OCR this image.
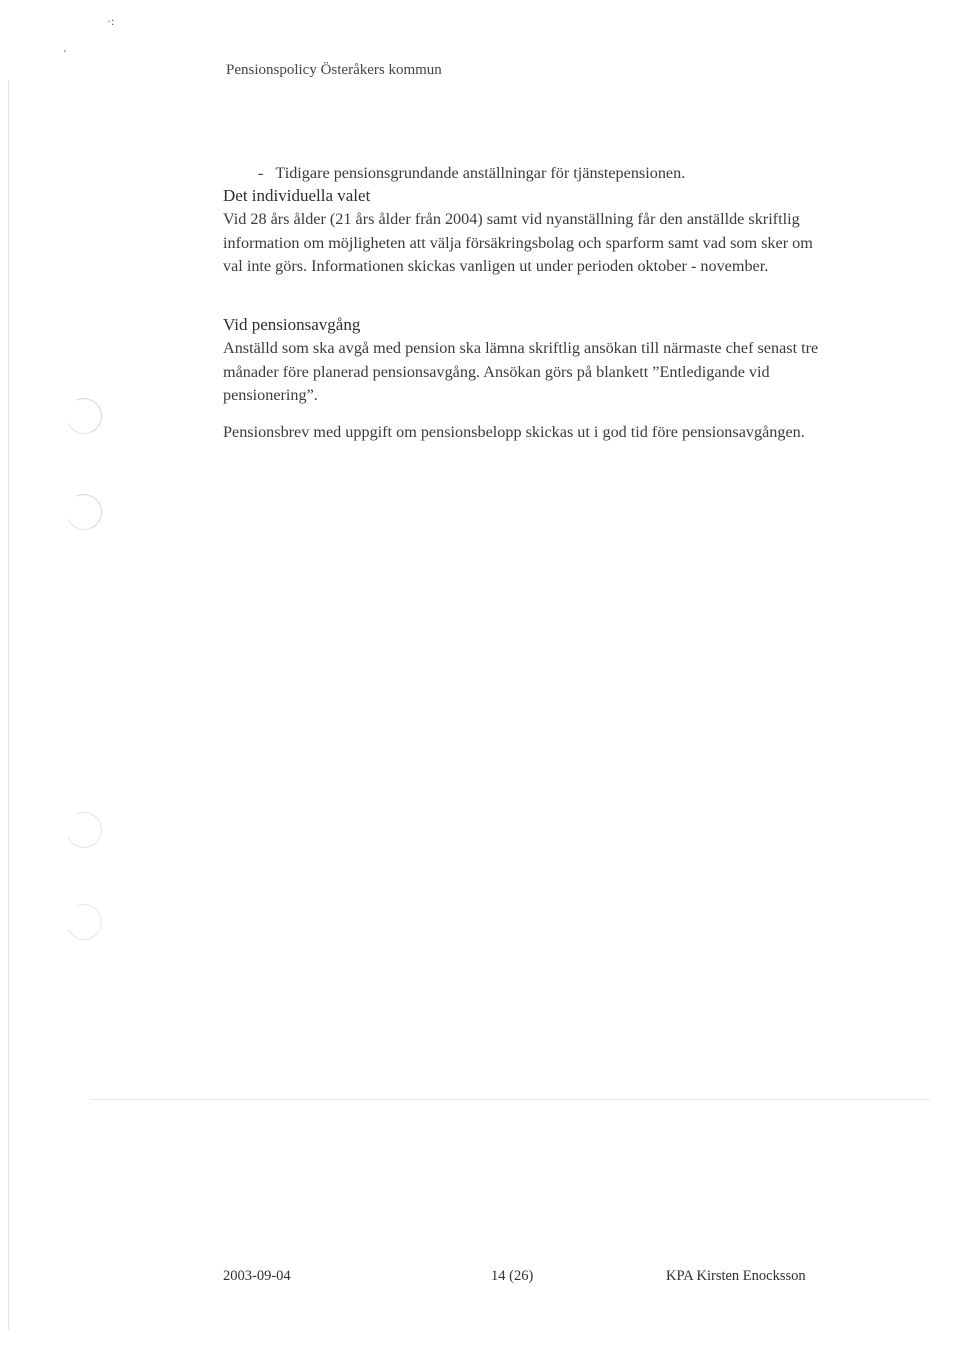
·:
'
Pensionspolicy Österåkers kommun
- Tidigare pensionsgrundande anställningar för tjänstepensionen.
Det individuella valet
Vid 28 års ålder (21 års ålder från 2004) samt vid nyanställning får den anställde skriftlig information om möjligheten att välja försäkringsbolag och sparform samt vad som sker om val inte görs. Informationen skickas vanligen ut under perioden oktober - november.
Vid pensionsavgång
Anställd som ska avgå med pension ska lämna skriftlig ansökan till närmaste chef senast tre månader före planerad pensionsavgång. Ansökan görs på blankett ”Entledigande vid pensionering”.
Pensionsbrev med uppgift om pensionsbelopp skickas ut i god tid före pensionsavgången.
2003-09-04	14 (26)	KPA Kirsten Enocksson
